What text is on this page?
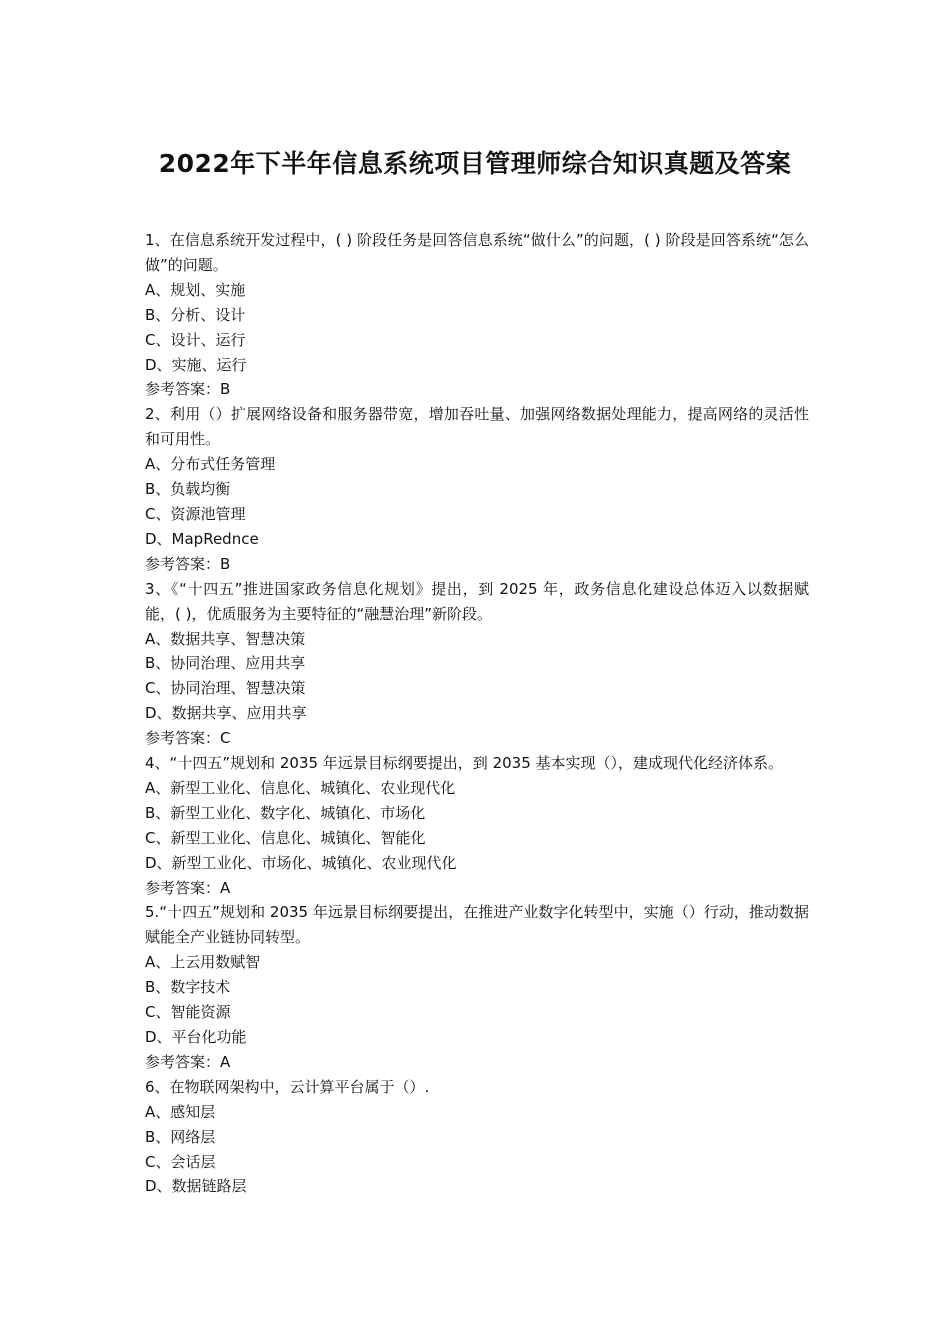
2022年下半年信息系统项目管理师综合知识真题及答案
1、在信息系统开发过程中，( ) 阶段任务是回答信息系统“做什么”的问题，( ) 阶段是回答系统“怎么做”的问题。
A、规划、实施
B、分析、设计
C、设计、运行
D、实施、运行
参考答案：B
2、利用（）扩展网络设备和服务器带宽，增加吞吐量、加强网络数据处理能力，提高网络的灵活性和可用性。
A、分布式任务管理
B、负载均衡
C、资源池管理
D、MapRednce
参考答案：B
3、《“十四五”推进国家政务信息化规划》提出，到 2025 年，政务信息化建设总体迈入以数据赋能，( )，优质服务为主要特征的“融慧治理”新阶段。
A、数据共享、智慧决策
B、协同治理、应用共享
C、协同治理、智慧决策
D、数据共享、应用共享
参考答案：C
4、“十四五”规划和 2035 年远景目标纲要提出，到 2035 基本实现（），建成现代化经济体系。
A、新型工业化、信息化、城镇化、农业现代化
B、新型工业化、数字化、城镇化、市场化
C、新型工业化、信息化、城镇化、智能化
D、新型工业化、市场化、城镇化、农业现代化
参考答案：A
5.“十四五”规划和 2035 年远景目标纲要提出，在推进产业数字化转型中，实施（）行动，推动数据赋能全产业链协同转型。
A、上云用数赋智
B、数字技术
C、智能资源
D、平台化功能
参考答案：A
6、在物联网架构中，云计算平台属于（）.
A、感知层
B、网络层
C、会话层
D、数据链路层
